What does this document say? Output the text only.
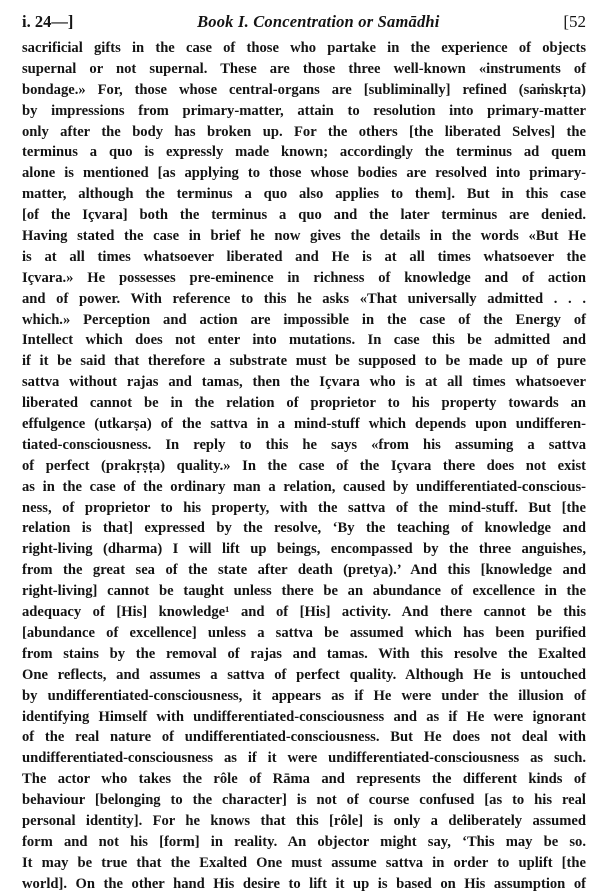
i. 24—]	Book I. Concentration or Samādhi	[52
sacrificial gifts in the case of those who partake in the experience of objects
supernal or not supernal. These are those three well-known «instruments of
bondage.» For, those whose central-organs are [subliminally] refined (saṁskṛta)
by impressions from primary-matter, attain to resolution into primary-matter
only after the body has broken up. For the others [the liberated Selves] the
terminus a quo is expressly made known; accordingly the terminus ad quem
alone is mentioned [as applying to those whose bodies are resolved into primary-
matter, although the terminus a quo also applies to them]. But in this case
[of the Içvara] both the terminus a quo and the later terminus are denied.
Having stated the case in brief he now gives the details in the words «But He
is at all times whatsoever liberated and He is at all times whatsoever the
Içvara.» He possesses pre-eminence in richness of knowledge and of action
and of power. With reference to this he asks «That universally admitted . . .
which.» Perception and action are impossible in the case of the Energy of
Intellect which does not enter into mutations. In case this be admitted and
if it be said that therefore a substrate must be supposed to be made up of pure
sattva without rajas and tamas, then the Içvara who is at all times whatsoever
liberated cannot be in the relation of proprietor to his property towards an
effulgence (utkarṣa) of the sattva in a mind-stuff which depends upon undifferen-
tiated-consciousness. In reply to this he says «from his assuming a sattva
of perfect (prakṛṣṭa) quality.» In the case of the Içvara there does not exist
as in the case of the ordinary man a relation, caused by undifferentiated-conscious-
ness, of proprietor to his property, with the sattva of the mind-stuff. But [the
relation is that] expressed by the resolve, ‘By the teaching of knowledge and
right-living (dharma) I will lift up beings, encompassed by the three anguishes,
from the great sea of the state after death (pretya).’ And this [knowledge and
right-living] cannot be taught unless there be an abundance of excellence in the
adequacy of [His] knowledge¹ and of [His] activity. And there cannot be this
[abundance of excellence] unless a sattva be assumed which has been purified
from stains by the removal of rajas and tamas. With this resolve the Exalted
One reflects, and assumes a sattva of perfect quality. Although He is untouched
by undifferentiated-consciousness, it appears as if He were under the illusion of
identifying Himself with undifferentiated-consciousness and as if He were ignorant
of the real nature of undifferentiated-consciousness. But He does not deal with
undifferentiated-consciousness as if it were undifferentiated-consciousness as such.
The actor who takes the rôle of Rāma and represents the different kinds of
behaviour [belonging to the character] is not of course confused [as to his real
personal identity]. For he knows that this [rôle] is only a deliberately assumed
form and not his [form] in reality. An objector might say, ‘This may be so.
It may be true that the Exalted One must assume sattva in order to uplift [the
world]. On the other hand His desire to lift it up is based on His assumption of
